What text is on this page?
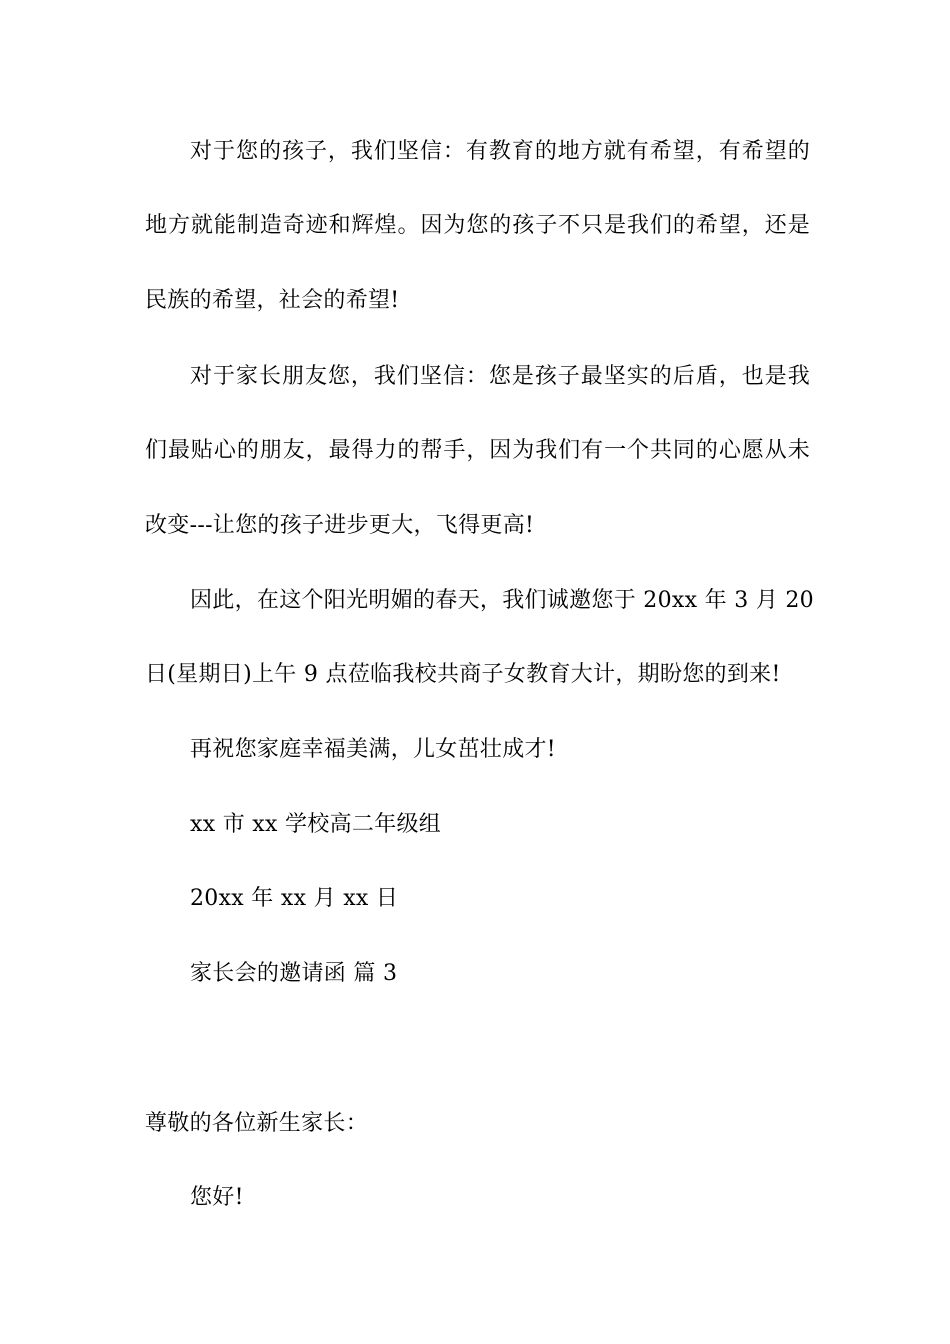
对于您的孩子，我们坚信：有教育的地方就有希望，有希望的
地方就能制造奇迹和辉煌。因为您的孩子不只是我们的希望，还是
民族的希望，社会的希望!
对于家长朋友您，我们坚信：您是孩子最坚实的后盾，也是我
们最贴心的朋友，最得力的帮手，因为我们有一个共同的心愿从未
改变---让您的孩子进步更大，飞得更高!
因此，在这个阳光明媚的春天，我们诚邀您于 20xx 年 3 月 20
日(星期日)上午 9 点莅临我校共商子女教育大计，期盼您的到来!
再祝您家庭幸福美满，儿女茁壮成才!
xx 市 xx 学校高二年级组
20xx 年 xx 月 xx 日
家长会的邀请函 篇 3
尊敬的各位新生家长：
您好!
